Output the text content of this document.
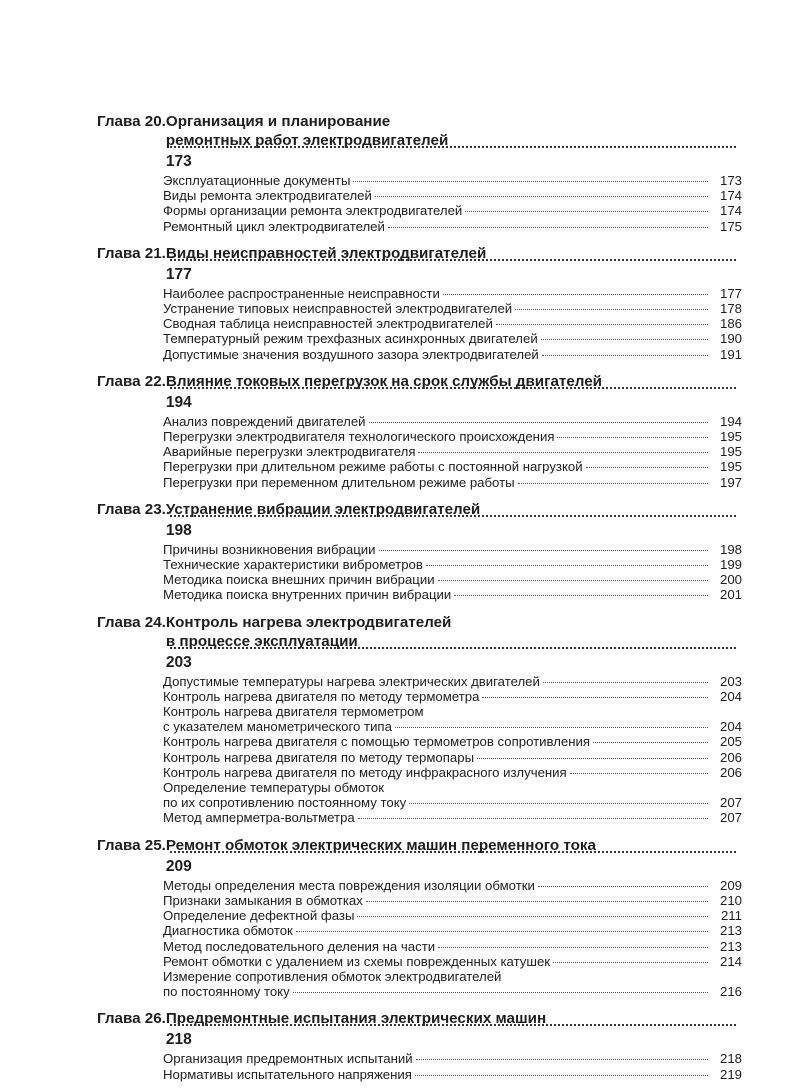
Глава 20. Организация и планирование
ремонтных работ электродвигателей
173
Эксплуатационные документы	173
Виды ремонта электродвигателей	174
Формы организации ремонта электродвигателей	174
Ремонтный цикл электродвигателей	175
Глава 21. Виды неисправностей электродвигателей
177
Наиболее распространенные неисправности	177
Устранение типовых неисправностей электродвигателей	178
Сводная таблица неисправностей электродвигателей	186
Температурный режим трехфазных асинхронных двигателей	190
Допустимые значения воздушного зазора электродвигателей	191
Глава 22. Влияние токовых перегрузок на срок службы двигателей
194
Анализ повреждений двигателей	194
Перегрузки электродвигателя технологического происхождения	195
Аварийные перегрузки электродвигателя	195
Перегрузки при длительном режиме работы с постоянной нагрузкой	195
Перегрузки при переменном длительном режиме работы	197
Глава 23. Устранение вибрации электродвигателей
198
Причины возникновения вибрации	198
Технические характеристики виброметров	199
Методика поиска внешних причин вибрации	200
Методика поиска внутренних причин вибрации	201
Глава 24. Контроль нагрева электродвигателей
в процессе эксплуатации
203
Допустимые температуры нагрева электрических двигателей	203
Контроль нагрева двигателя по методу термометра	204
Контроль нагрева двигателя термометром
с указателем манометрического типа	204
Контроль нагрева двигателя с помощью термометров сопротивления	205
Контроль нагрева двигателя по методу термопары	206
Контроль нагрева двигателя по методу инфракрасного излучения	206
Определение температуры обмоток
по их сопротивлению постоянному току	207
Метод амперметра-вольтметра	207
Глава 25. Ремонт обмоток электрических машин переменного тока
209
Методы определения места повреждения изоляции обмотки	209
Признаки замыкания в обмотках	210
Определение дефектной фазы	211
Диагностика обмоток	213
Метод последовательного деления на части	213
Ремонт обмотки с удалением из схемы поврежденных катушек	214
Измерение сопротивления обмоток электродвигателей
по постоянному току	216
Глава 26. Предремонтные испытания электрических машин
218
Организация предремонтных испытаний	218
Нормативы испытательного напряжения	219
